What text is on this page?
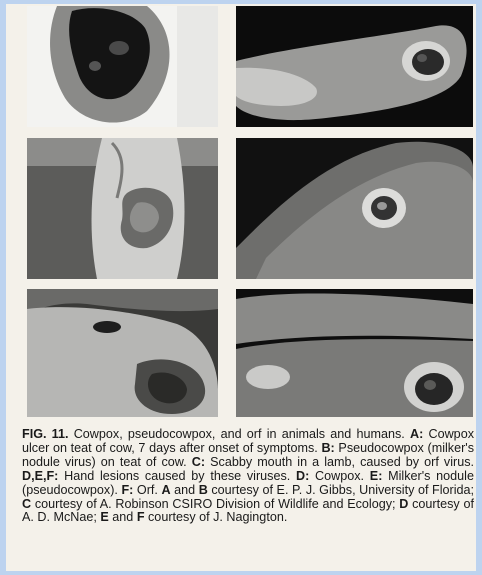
FIG. 11. Cowpox, pseudocowpox, and orf in animals and humans. A: Cowpox ulcer on teat of cow, 7 days after onset of symptoms. B: Pseudocowpox (milker's nodule virus) on teat of cow. C: Scabby mouth in a lamb, caused by orf virus. D,E,F: Hand lesions caused by these viruses. D: Cowpox. E: Milker's nodule (pseudocowpox). F: Orf. A and B courtesy of E. P. J. Gibbs, University of Florida; C courtesy of A. Robinson CSIRO Division of Wildlife and Ecology; D courtesy of A. D. McNae; E and F courtesy of J. Nagington.
